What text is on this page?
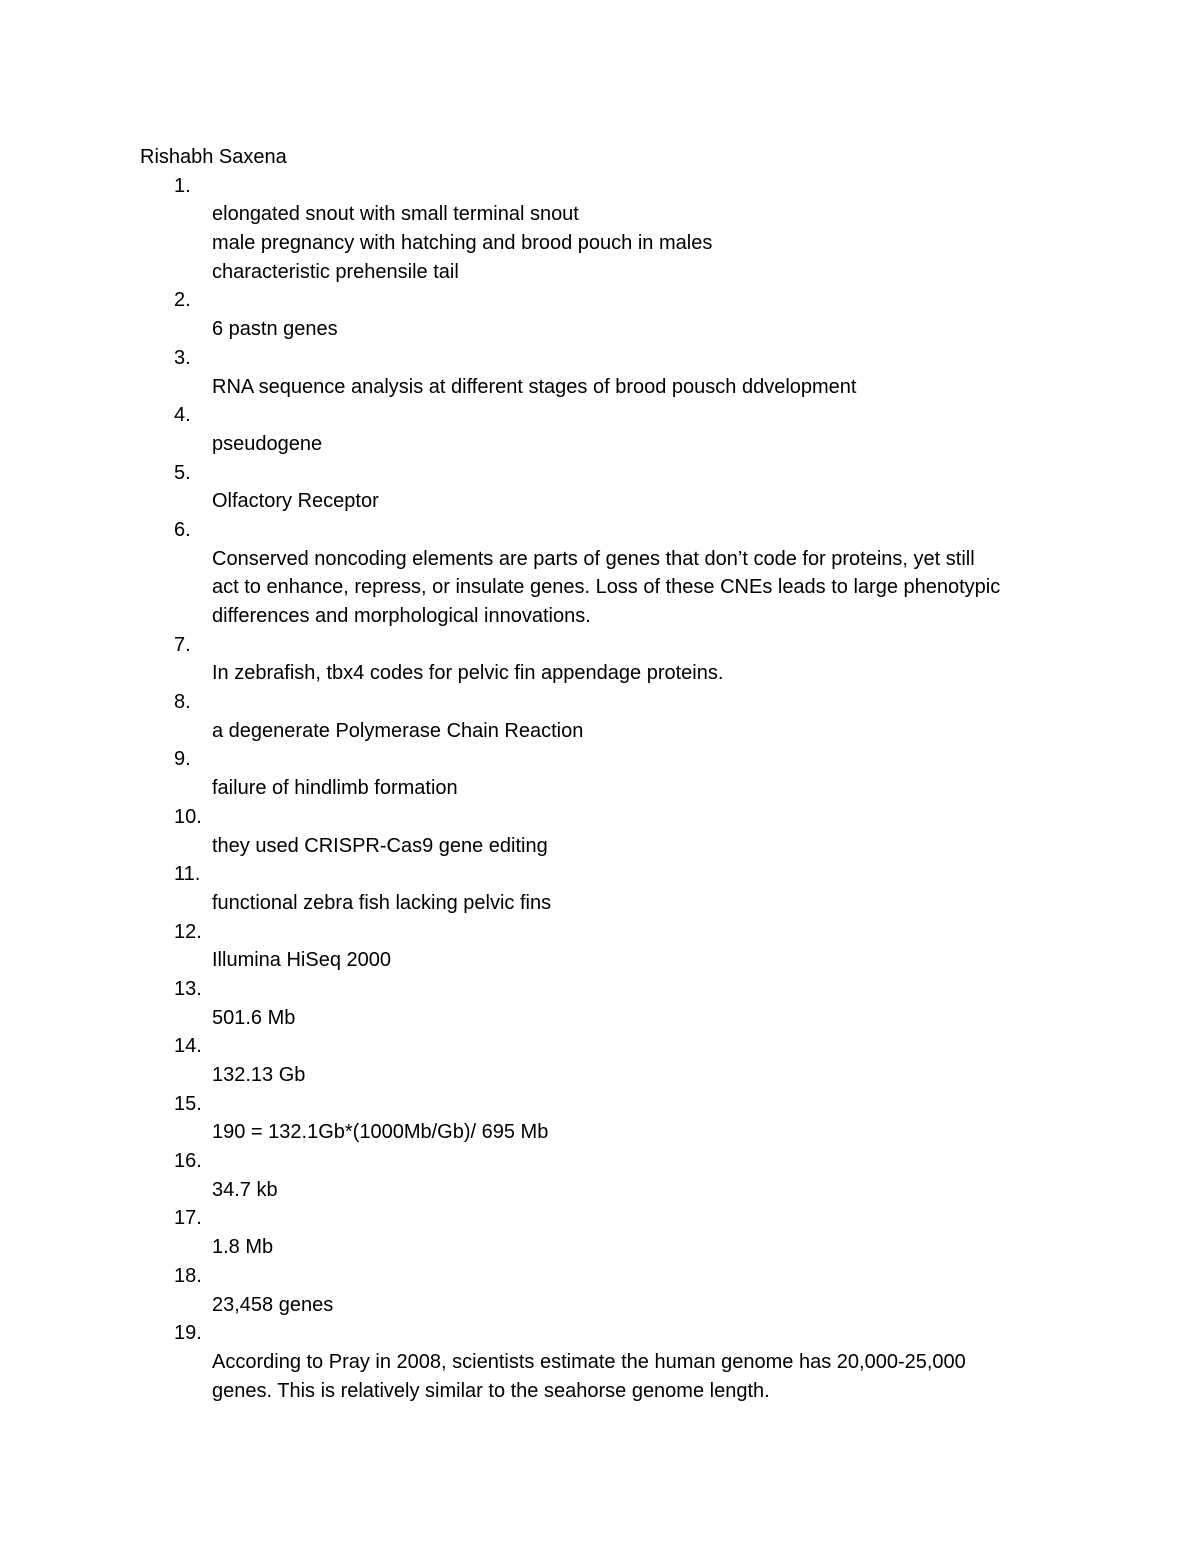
Rishabh Saxena
1.
elongated snout with small terminal snout
male pregnancy with hatching and brood pouch in males
characteristic prehensile tail
2.
6 pastn genes
3.
RNA sequence analysis at different stages of brood pousch ddvelopment
4.
pseudogene
5.
Olfactory Receptor
6.
Conserved noncoding elements are parts of genes that don’t code for proteins, yet still
act to enhance, repress, or insulate genes. Loss of these CNEs leads to large phenotypic
differences and morphological innovations.
7.
In zebrafish, tbx4 codes for pelvic fin appendage proteins.
8.
a degenerate Polymerase Chain Reaction
9.
failure of hindlimb formation
10.
they used CRISPR-Cas9 gene editing
11.
functional zebra fish lacking pelvic fins
12.
Illumina HiSeq 2000
13.
501.6 Mb
14.
132.13 Gb
15.
190 = 132.1Gb*(1000Mb/Gb)/ 695 Mb
16.
34.7 kb
17.
1.8 Mb
18.
23,458 genes
19.
According to Pray in 2008, scientists estimate the human genome has 20,000-25,000
genes. This is relatively similar to the seahorse genome length.
